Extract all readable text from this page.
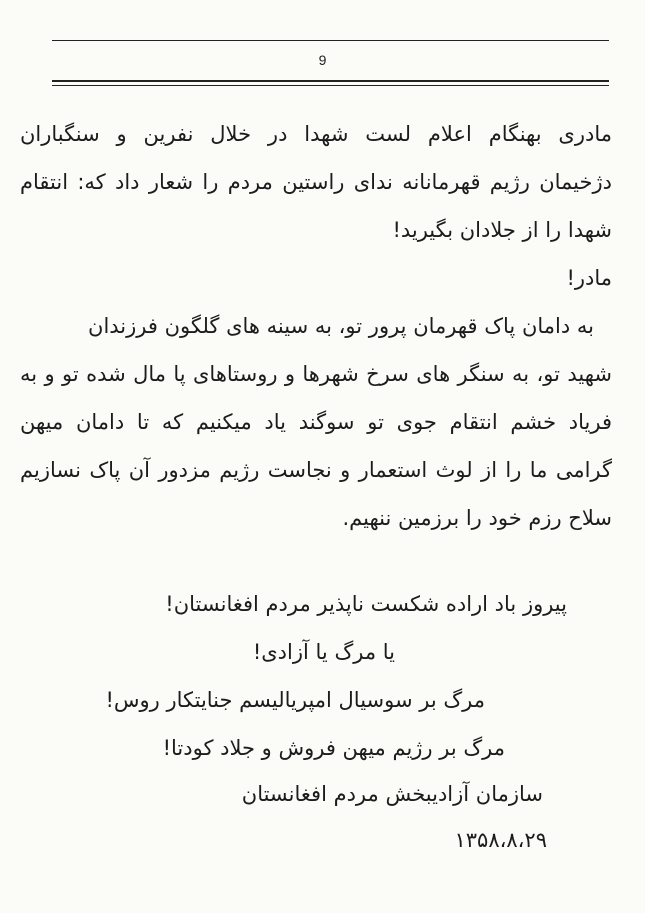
9
مادری بهنگام اعلام لست شهدا در خلال نفرین و سنگباران
دژخیمان رژیم قهرمانانه ندای راستین مردم را شعار داد که: انتقام
شهدا را از جلادان بگیرید!
مادر!
به دامان پاک قهرمان پرور تو، به سینه های گلگون فرزندان
شهید تو، به سنگر های سرخ شهرها و روستاهای پا مال شده تو و به
فریاد خشم انتقام جوی تو سوگند یاد میکنیم که تا دامان میهن
گرامی ما را از لوث استعمار و نجاست رژیم مزدور آن پاک نسازیم
سلاح رزم خود را برزمین ننهیم.
پیروز باد اراده شکست ناپذیر مردم افغانستان!
یا مرگ یا آزادی!
مرگ بر سوسیال امپریالیسم جنایتکار روس!
مرگ بر رژیم میهن فروش و جلاد کودتا!
سازمان آزادیبخش مردم افغانستان
۱۳۵۸،۸،۲۹
